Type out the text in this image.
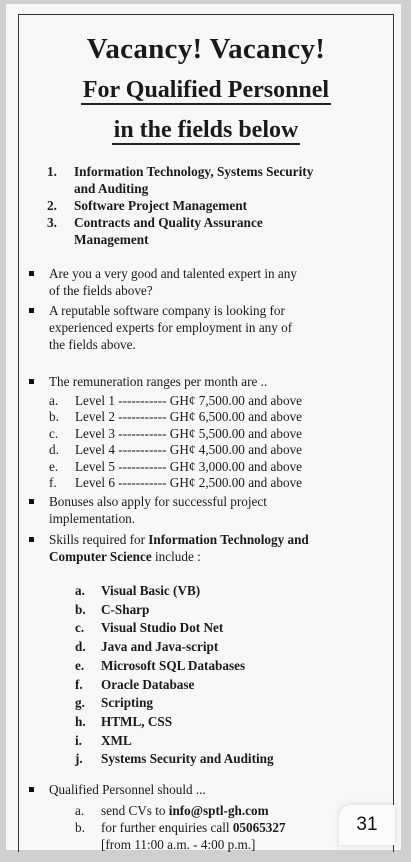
Vacancy! Vacancy!
For Qualified Personnel
in the fields below
1.	Information Technology, Systems Security
and Auditing
2.	Software Project Management
3.	Contracts and Quality Assurance
Management
Are you a very good and talented expert in any
of the fields above?
A reputable software company is looking for
experienced experts for employment in any of
the fields above.
The remuneration ranges per month are ..
a.	Level 1 ----------- GH¢ 7,500.00 and above
b.	Level 2 ----------- GH¢ 6,500.00 and above
c.	Level 3 ----------- GH¢ 5,500.00 and above
d.	Level 4 ----------- GH¢ 4,500.00 and above
e.	Level 5 ----------- GH¢ 3,000.00 and above
f.	Level 6 ----------- GH¢ 2,500.00 and above
Bonuses also apply for successful project
implementation.
Skills required for Information Technology and
Computer Science include :
a.	Visual Basic (VB)
b.	C-Sharp
c.	Visual Studio Dot Net
d.	Java and Java-script
e.	Microsoft SQL Databases
f.	Oracle Database
g.	Scripting
h.	HTML, CSS
i.	XML
j.	Systems Security and Auditing
Qualified Personnel should ...
a.	send CVs to info@sptl-gh.com
b.	for further enquiries call 05065327
[from 11:00 a.m. - 4:00 p.m.]
31
